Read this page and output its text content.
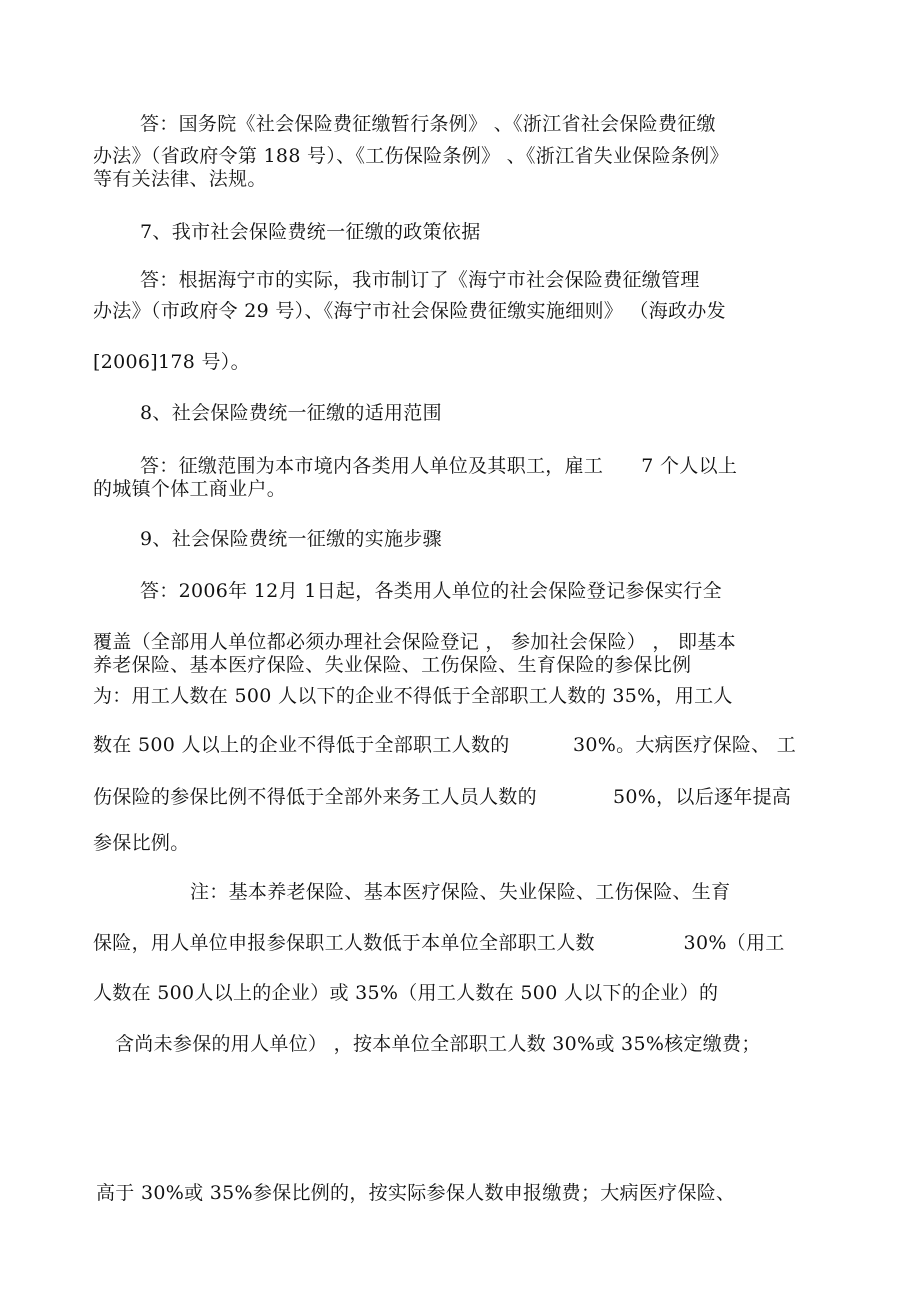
答：国务院《社会保险费征缴暂行条例》 、《浙江省社会保险费征缴
办法》（省政府令第 188 号）、《工伤保险条例》 、《浙江省失业保险条例》
等有关法律、法规。
7、我市社会保险费统一征缴的政策依据
答：根据海宁市的实际，我市制订了《海宁市社会保险费征缴管理
办法》（市政府令 29 号）、《海宁市社会保险费征缴实施细则》 （海政办发
[2006]178 号）。
8、社会保险费统一征缴的适用范围
答：征缴范围为本市境内各类用人单位及其职工，雇工      7 个人以上
的城镇个体工商业户。
9、社会保险费统一征缴的实施步骤
答：2006年 12月 1日起，各类用人单位的社会保险登记参保实行全
覆盖（全部用人单位都必须办理社会保险登记 ， 参加社会保险） ， 即基本
养老保险、基本医疗保险、失业保险、工伤保险、生育保险的参保比例
为：用工人数在 500 人以下的企业不得低于全部职工人数的 35%，用工人
数在 500 人以上的企业不得低于全部职工人数的          30%。大病医疗保险、 工
伤保险的参保比例不得低于全部外来务工人员人数的            50%，以后逐年提高
参保比例。
注：基本养老保险、基本医疗保险、失业保险、工伤保险、生育
保险，用人单位申报参保职工人数低于本单位全部职工人数              30%（用工
人数在 500人以上的企业）或 35%（用工人数在 500 人以下的企业）的
含尚未参保的用人单位） ，按本单位全部职工人数 30%或 35%核定缴费；
高于 30%或 35%参保比例的，按实际参保人数申报缴费；大病医疗保险、
